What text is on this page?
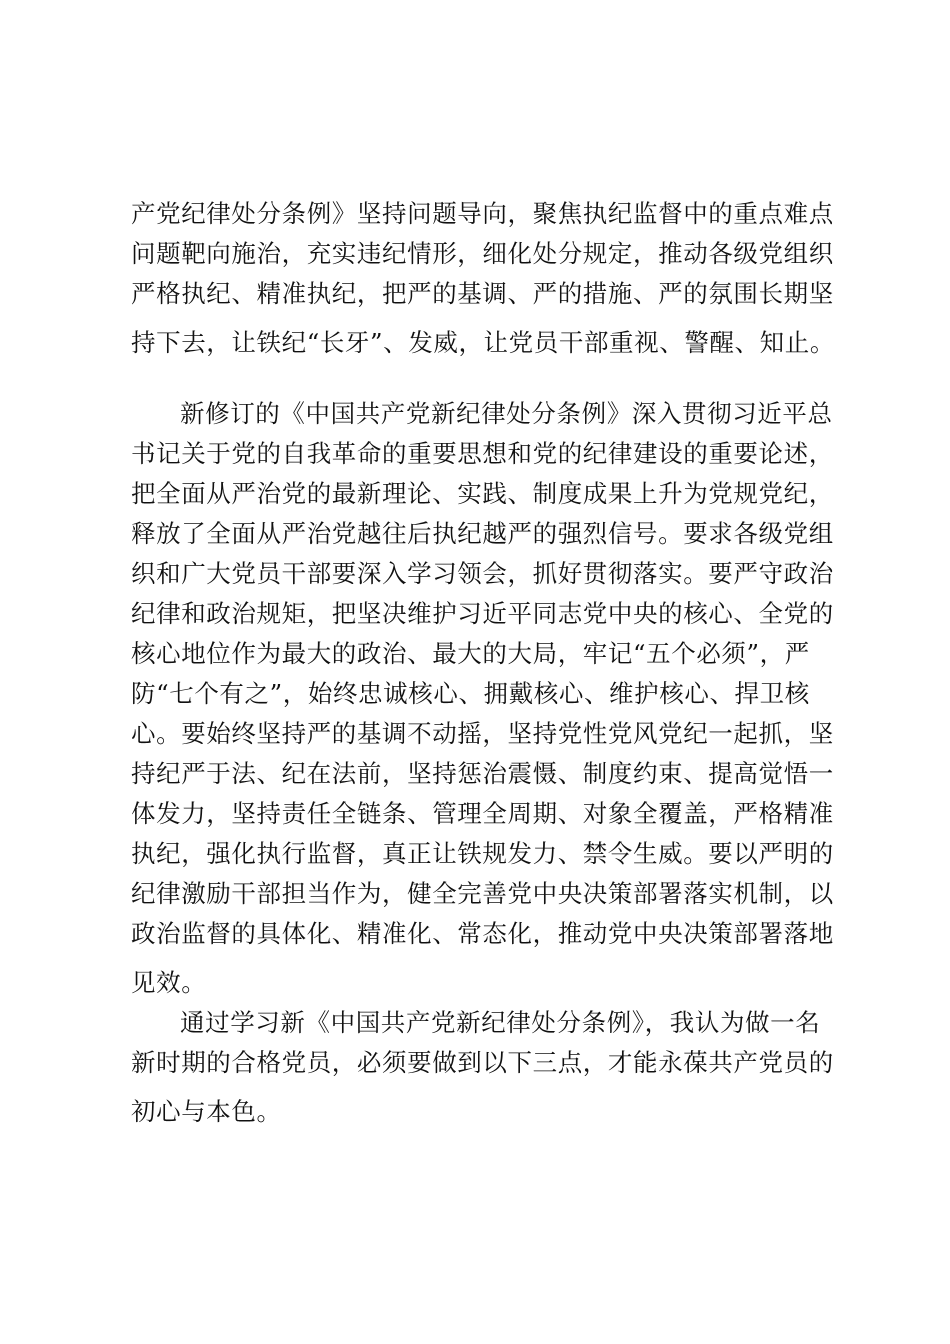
产党纪律处分条例》坚持问题导向，聚焦执纪监督中的重点难点
问题靶向施治，充实违纪情形，细化处分规定，推动各级党组织
严格执纪、精准执纪，把严的基调、严的措施、严的氛围长期坚
持下去，让铁纪“长牙”、发威，让党员干部重视、警醒、知止。
新修订的《中国共产党新纪律处分条例》深入贯彻习近平总
书记关于党的自我革命的重要思想和党的纪律建设的重要论述，
把全面从严治党的最新理论、实践、制度成果上升为党规党纪，
释放了全面从严治党越往后执纪越严的强烈信号。要求各级党组
织和广大党员干部要深入学习领会，抓好贯彻落实。要严守政治
纪律和政治规矩，把坚决维护习近平同志党中央的核心、全党的
核心地位作为最大的政治、最大的大局，牢记“五个必须”，严
防“七个有之”，始终忠诚核心、拥戴核心、维护核心、捍卫核
心。要始终坚持严的基调不动摇，坚持党性党风党纪一起抓，坚
持纪严于法、纪在法前，坚持惩治震慑、制度约束、提高觉悟一
体发力，坚持责任全链条、管理全周期、对象全覆盖，严格精准
执纪，强化执行监督，真正让铁规发力、禁令生威。要以严明的
纪律激励干部担当作为，健全完善党中央决策部署落实机制，以
政治监督的具体化、精准化、常态化，推动党中央决策部署落地
见效。
通过学习新《中国共产党新纪律处分条例》，我认为做一名
新时期的合格党员，必须要做到以下三点，才能永葆共产党员的
初心与本色。
